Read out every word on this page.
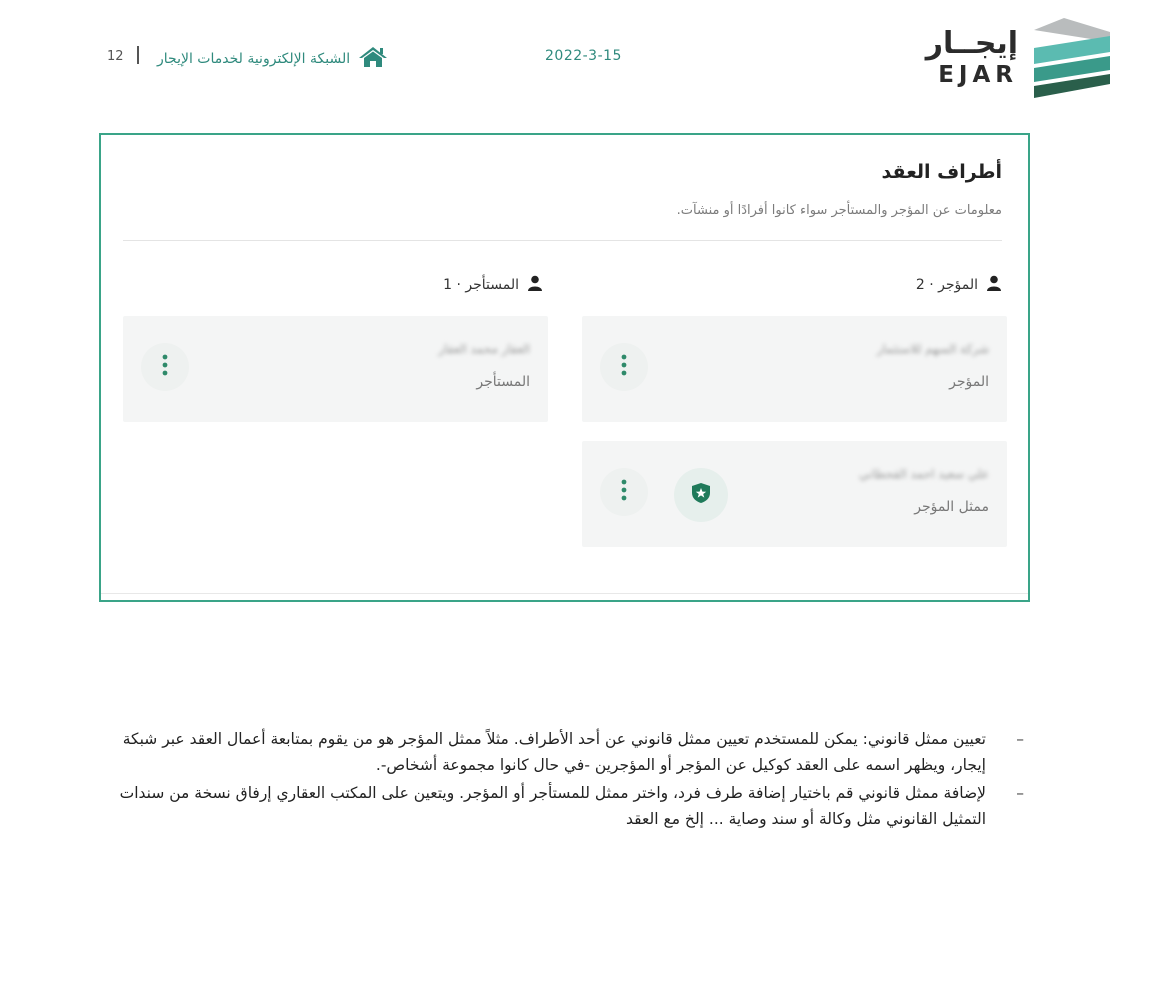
12 الشبكة الإلكترونية لخدمات الإيجار	2022-3-15	إيجــار
EJAR
أطراف العقد
معلومات عن المؤجر والمستأجر سواء كانوا أفرادًا أو منشآت.
المؤجر · 2
المستأجر · 1
شركة السهم للاستثمار
المؤجر
علي سعيد احمد القحطاني
ممثل المؤجر
العقار محمد العقار
المستأجر
–
تعيين ممثل قانوني: يمكن للمستخدم تعيين ممثل قانوني عن أحد الأطراف. مثلاً ممثل المؤجر هو من يقوم بمتابعة أعمال العقد عبر شبكة إيجار، ويظهر اسمه على العقد كوكيل عن المؤجر أو المؤجرين -في حال كانوا مجموعة أشخاص-.
–
لإضافة ممثل قانوني قم باختيار إضافة طرف فرد، واختر ممثل للمستأجر أو المؤجر. ويتعين على المكتب العقاري إرفاق نسخة من سندات التمثيل القانوني مثل وكالة أو سند وصاية ... إلخ مع العقد
